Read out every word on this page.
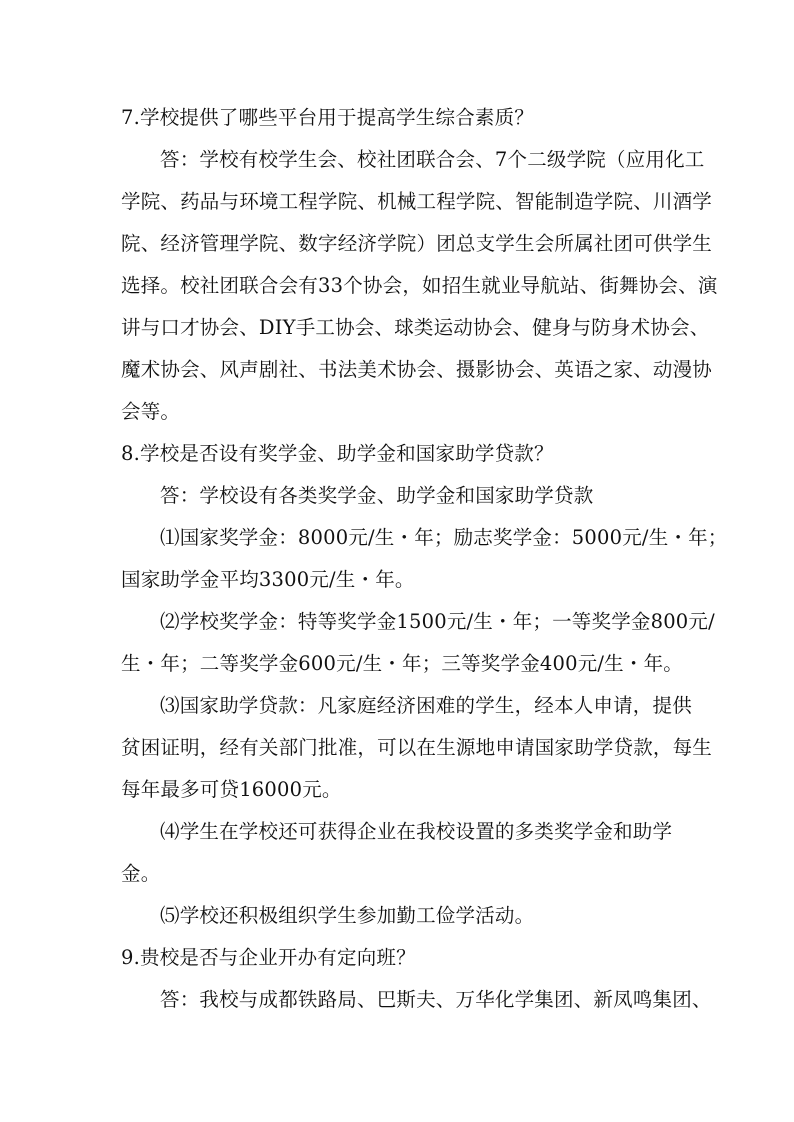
7.学校提供了哪些平台用于提高学生综合素质？
答：学校有校学生会、校社团联合会、7个二级学院（应用化工
学院、药品与环境工程学院、机械工程学院、智能制造学院、川酒学
院、经济管理学院、数字经济学院）团总支学生会所属社团可供学生
选择。校社团联合会有33个协会，如招生就业导航站、街舞协会、演
讲与口才协会、DIY手工协会、球类运动协会、健身与防身术协会、
魔术协会、风声剧社、书法美术协会、摄影协会、英语之家、动漫协
会等。
8.学校是否设有奖学金、助学金和国家助学贷款？
答：学校设有各类奖学金、助学金和国家助学贷款
⑴国家奖学金：8000元/生・年；励志奖学金：5000元/生・年；
国家助学金平均3300元/生・年。
⑵学校奖学金：特等奖学金1500元/生・年；一等奖学金800元/
生・年；二等奖学金600元/生・年；三等奖学金400元/生・年。
⑶国家助学贷款：凡家庭经济困难的学生，经本人申请，提供
贫困证明，经有关部门批准，可以在生源地申请国家助学贷款，每生
每年最多可贷16000元。
⑷学生在学校还可获得企业在我校设置的多类奖学金和助学
金。
⑸学校还积极组织学生参加勤工俭学活动。
9.贵校是否与企业开办有定向班？
答：我校与成都铁路局、巴斯夫、万华化学集团、新凤鸣集团、
